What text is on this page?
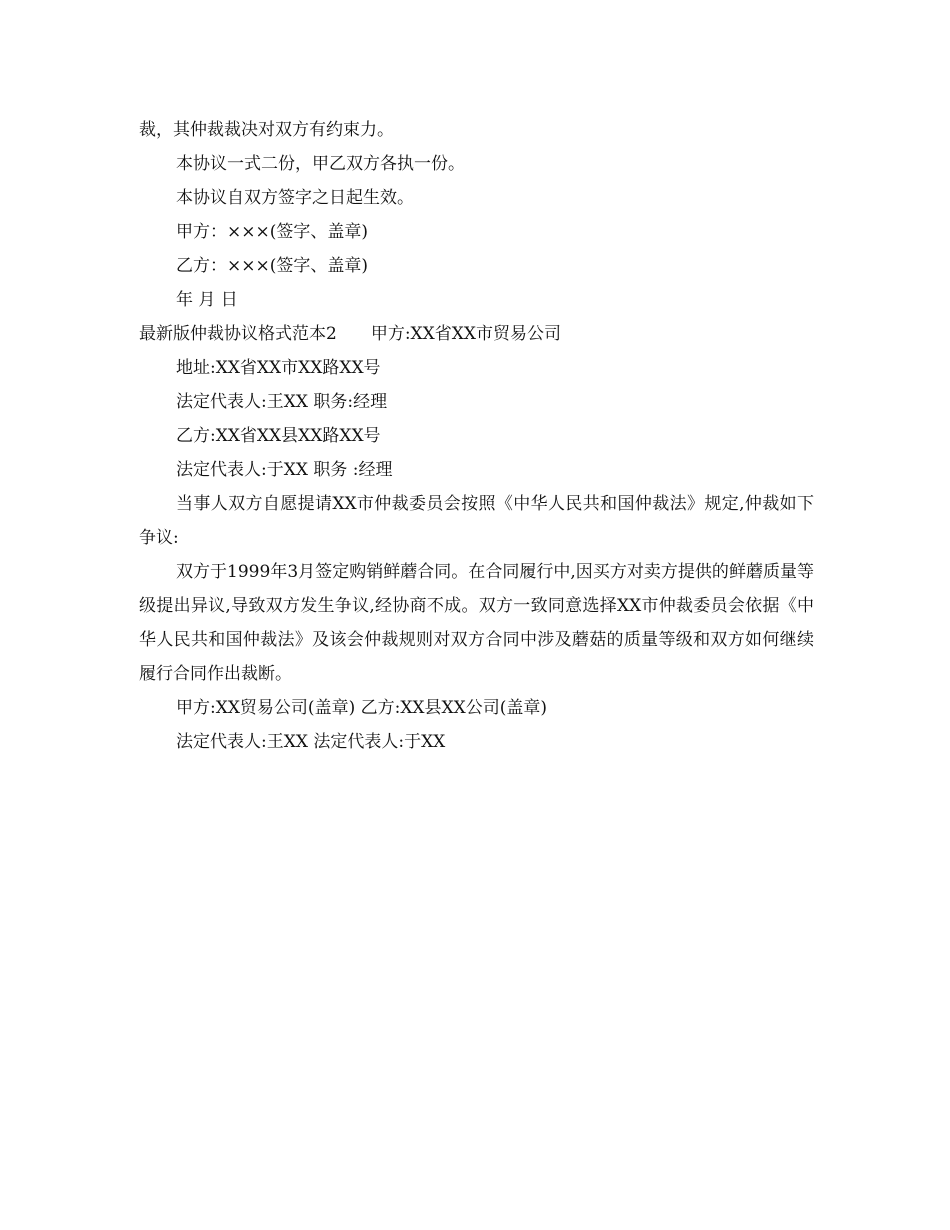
裁，其仲裁裁决对双方有约束力。

本协议一式二份，甲乙双方各执一份。

本协议自双方签字之日起生效。

甲方：×××(签字、盖章)

乙方：×××(签字、盖章)

年 月 日

最新版仲裁协议格式范本2　　甲方:XX省XX市贸易公司

地址:XX省XX市XX路XX号

法定代表人:王XX 职务:经理

乙方:XX省XX县XX路XX号

法定代表人:于XX 职务 :经理

当事人双方自愿提请XX市仲裁委员会按照《中华人民共和国仲裁法》规定,仲裁如下争议:

双方于1999年3月签定购销鲜蘑合同。在合同履行中,因买方对卖方提供的鲜蘑质量等级提出异议,导致双方发生争议,经协商不成。双方一致同意选择XX市仲裁委员会依据《中华人民共和国仲裁法》及该会仲裁规则对双方合同中涉及蘑菇的质量等级和双方如何继续履行合同作出裁断。

甲方:XX贸易公司(盖章) 乙方:XX县XX公司(盖章)

法定代表人:王XX 法定代表人:于XX
